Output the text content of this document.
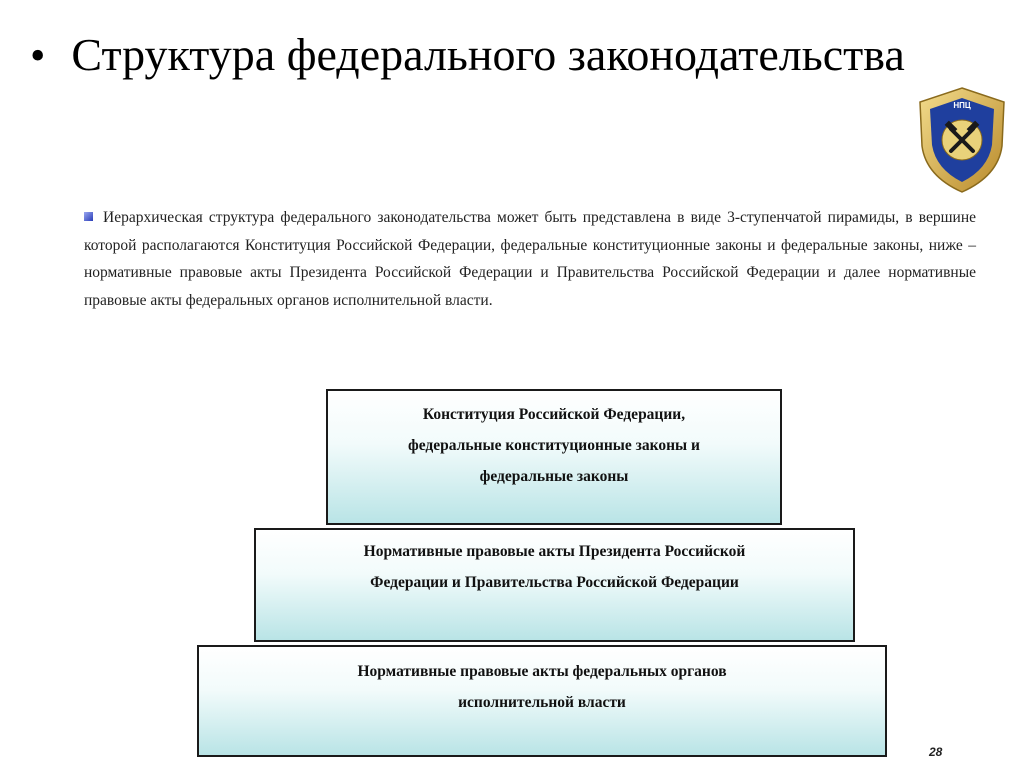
• Структура федерального законодательства
НПЦ
Иерархическая структура федерального законодательства может быть представлена в виде 3-ступенчатой пирамиды, в вершине которой располагаются Конституция Российской Федерации, федеральные конституционные законы и федеральные законы, ниже – нормативные правовые акты Президента Российской Федерации и Правительства Российской Федерации и далее нормативные правовые акты федеральных органов исполнительной власти.
Конституция Российской Федерации,
федеральные конституционные законы и
федеральные законы
Нормативные правовые акты Президента Российской
Федерации и Правительства Российской Федерации
Нормативные правовые акты федеральных органов
исполнительной власти
28
